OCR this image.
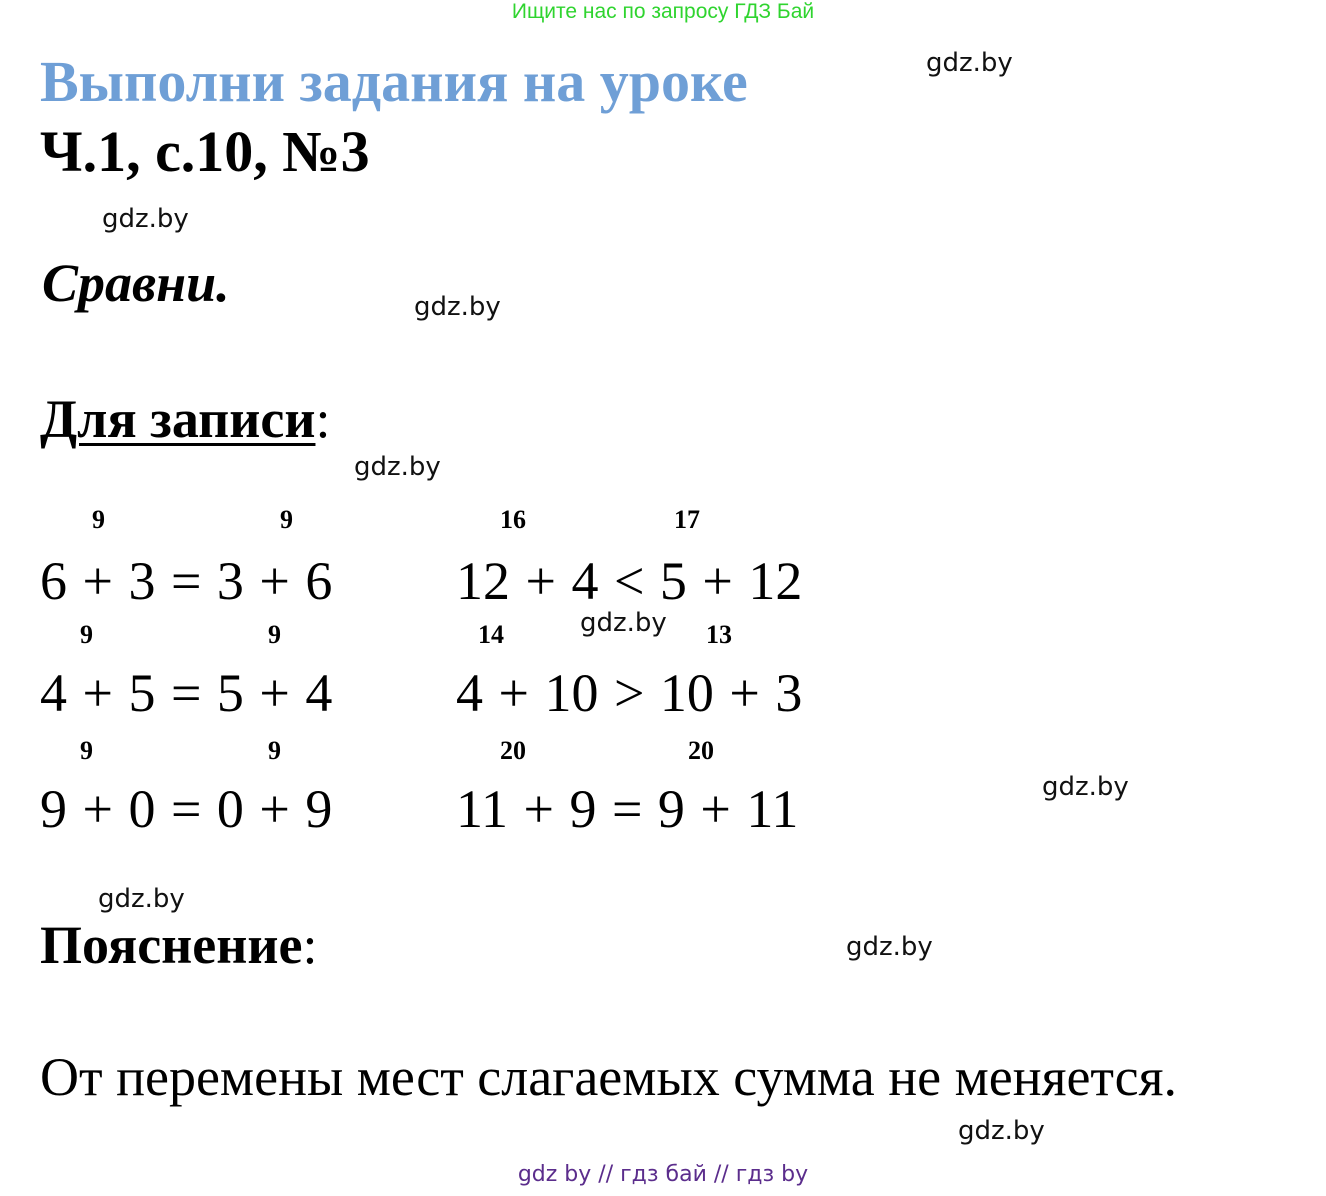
Ищите нас по запросу ГДЗ Бай
gdz.by
Выполни задания на уроке
Ч.1, с.10, №3
gdz.by
Сравни.	gdz.by
Для записи:
gdz.by
9	9
6 + 3 = 3 + 6
16	17
12 + 4 < 5 + 12
gdz.by
9	9
4 + 5 = 5 + 4
14	13
4 + 10 > 10 + 3
9	9
9 + 0 = 0 + 9
20	20
11 + 9 = 9 + 11	gdz.by
gdz.by
Пояснение:	gdz.by
От перемены мест слагаемых сумма не меняется.
gdz.by
gdz by // гдз бай // гдз by
